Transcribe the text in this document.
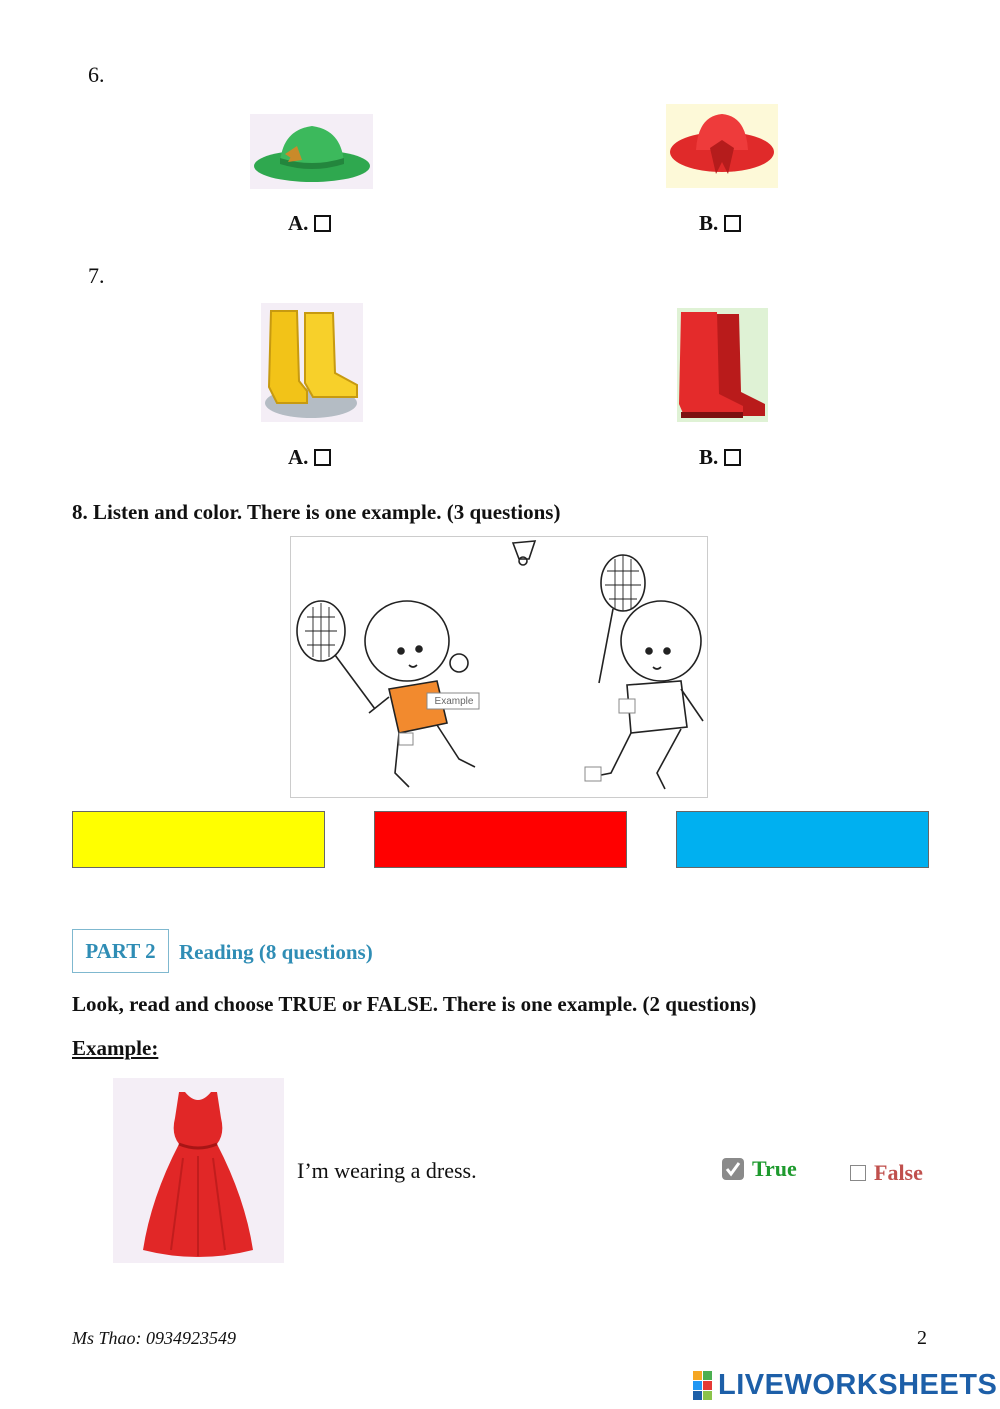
6.
A.	B.
7.
A.	B.
8. Listen and color. There is one example. (3 questions)
Example
PART 2	Reading (8 questions)
Look, read and choose TRUE or FALSE. There is one example. (2 questions)
Example:
I’m wearing a dress.	True	False
Ms Thao: 0934923549	2
LIVEWORKSHEETS
